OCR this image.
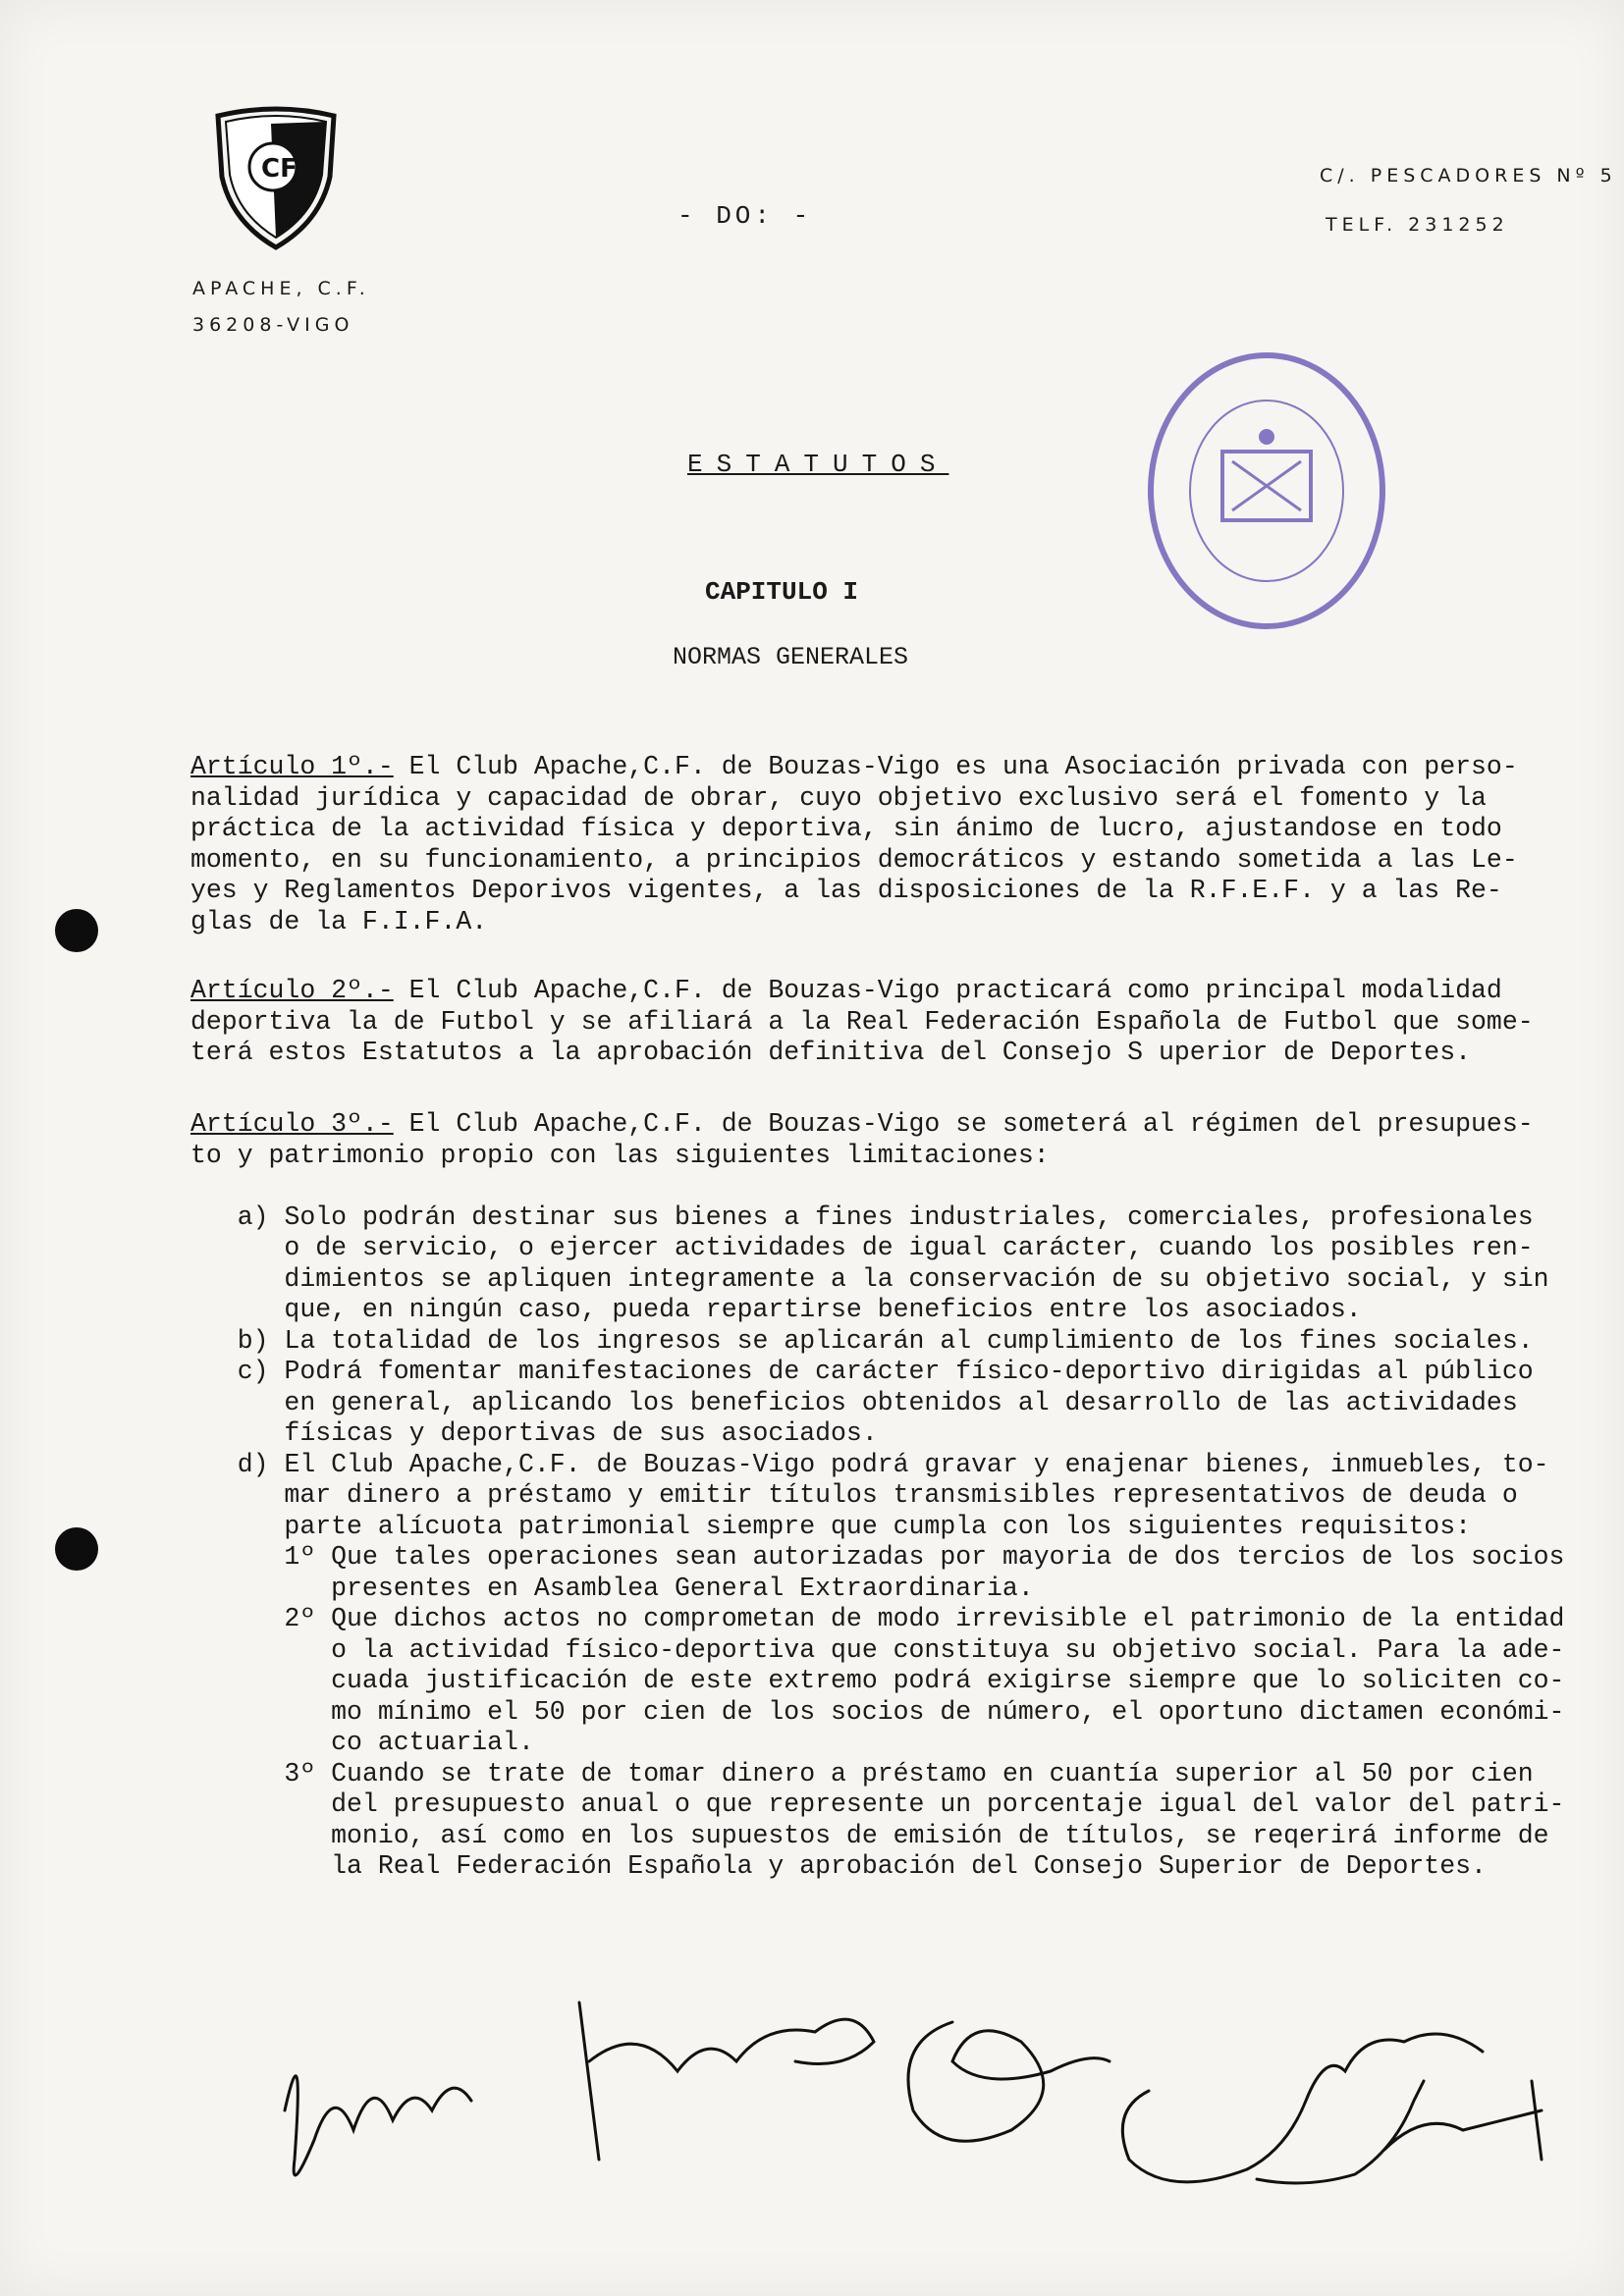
CF
APACHE, C.F.
36208-VIGO
- DO: -
C/. PESCADORES Nº 5
TELF. 231252
ESTATUTOS
CAPITULO I
NORMAS GENERALES
Artículo 1º.- El Club Apache,C.F. de Bouzas-Vigo es una Asociación privada con perso-
nalidad jurídica y capacidad de obrar, cuyo objetivo exclusivo será el fomento y la
práctica de la actividad física y deportiva, sin ánimo de lucro, ajustandose en todo
momento, en su funcionamiento, a principios democráticos y estando sometida a las Le-
yes y Reglamentos Deporivos vigentes, a las disposiciones de la R.F.E.F. y a las Re-
glas de la F.I.F.A.
Artículo 2º.- El Club Apache,C.F. de Bouzas-Vigo practicará como principal modalidad
deportiva la de Futbol y se afiliará a la Real Federación Española de Futbol que some-
terá estos Estatutos a la aprobación definitiva del Consejo S uperior de Deportes.
Artículo 3º.- El Club Apache,C.F. de Bouzas-Vigo se someterá al régimen del presupues-
to y patrimonio propio con las siguientes limitaciones:

a) Solo podrán destinar sus bienes a fines industriales, comerciales, profesionales
o de servicio, o ejercer actividades de igual carácter, cuando los posibles ren-
dimientos se apliquen integramente a la conservación de su objetivo social, y sin
que, en ningún caso, pueda repartirse beneficios entre los asociados.
b) La totalidad de los ingresos se aplicarán al cumplimiento de los fines sociales.
c) Podrá fomentar manifestaciones de carácter físico-deportivo dirigidas al público
en general, aplicando los beneficios obtenidos al desarrollo de las actividades
físicas y deportivas de sus asociados.
d) El Club Apache,C.F. de Bouzas-Vigo podrá gravar y enajenar bienes, inmuebles, to-
mar dinero a préstamo y emitir títulos transmisibles representativos de deuda o
parte alícuota patrimonial siempre que cumpla con los siguientes requisitos:
1º Que tales operaciones sean autorizadas por mayoria de dos tercios de los socios
presentes en Asamblea General Extraordinaria.
2º Que dichos actos no comprometan de modo irrevisible el patrimonio de la entidad
o la actividad físico-deportiva que constituya su objetivo social. Para la ade-
cuada justificación de este extremo podrá exigirse siempre que lo soliciten co-
mo mínimo el 50 por cien de los socios de número, el oportuno dictamen económi-
co actuarial.
3º Cuando se trate de tomar dinero a préstamo en cuantía superior al 50 por cien
del presupuesto anual o que represente un porcentaje igual del valor del patri-
monio, así como en los supuestos de emisión de títulos, se reqerirá informe de
la Real Federación Española y aprobación del Consejo Superior de Deportes.
